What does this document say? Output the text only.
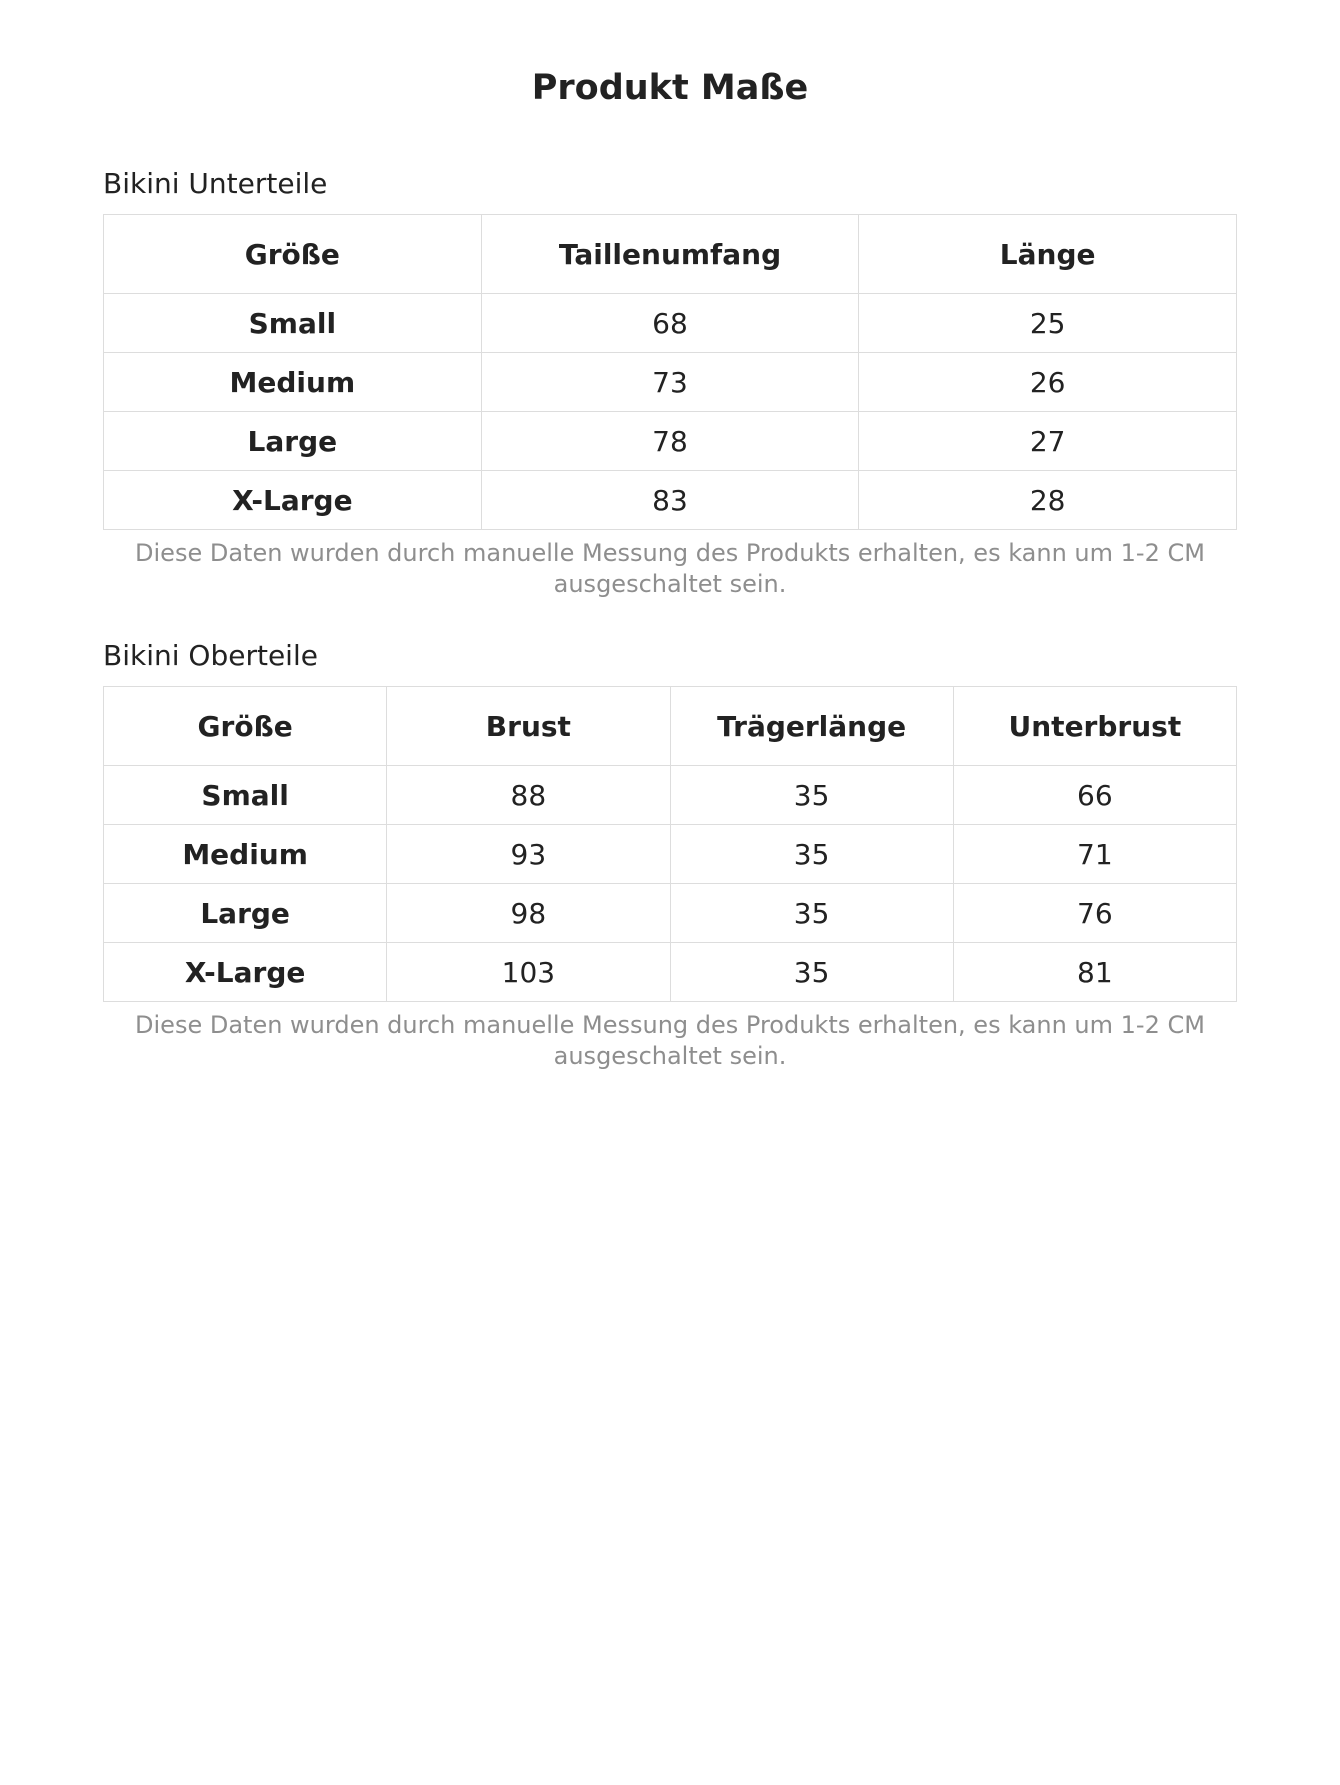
Produkt Maße
Bikini Unterteile
Größe	Taillenumfang	Länge
Small	68	25
Medium	73	26
Large	78	27
X-Large	83	28
Diese Daten wurden durch manuelle Messung des Produkts erhalten, es kann um 1-2 CM ausgeschaltet sein.
Bikini Oberteile
Größe	Brust	Trägerlänge	Unterbrust
Small	88	35	66
Medium	93	35	71
Large	98	35	76
X-Large	103	35	81
Diese Daten wurden durch manuelle Messung des Produkts erhalten, es kann um 1-2 CM ausgeschaltet sein.
